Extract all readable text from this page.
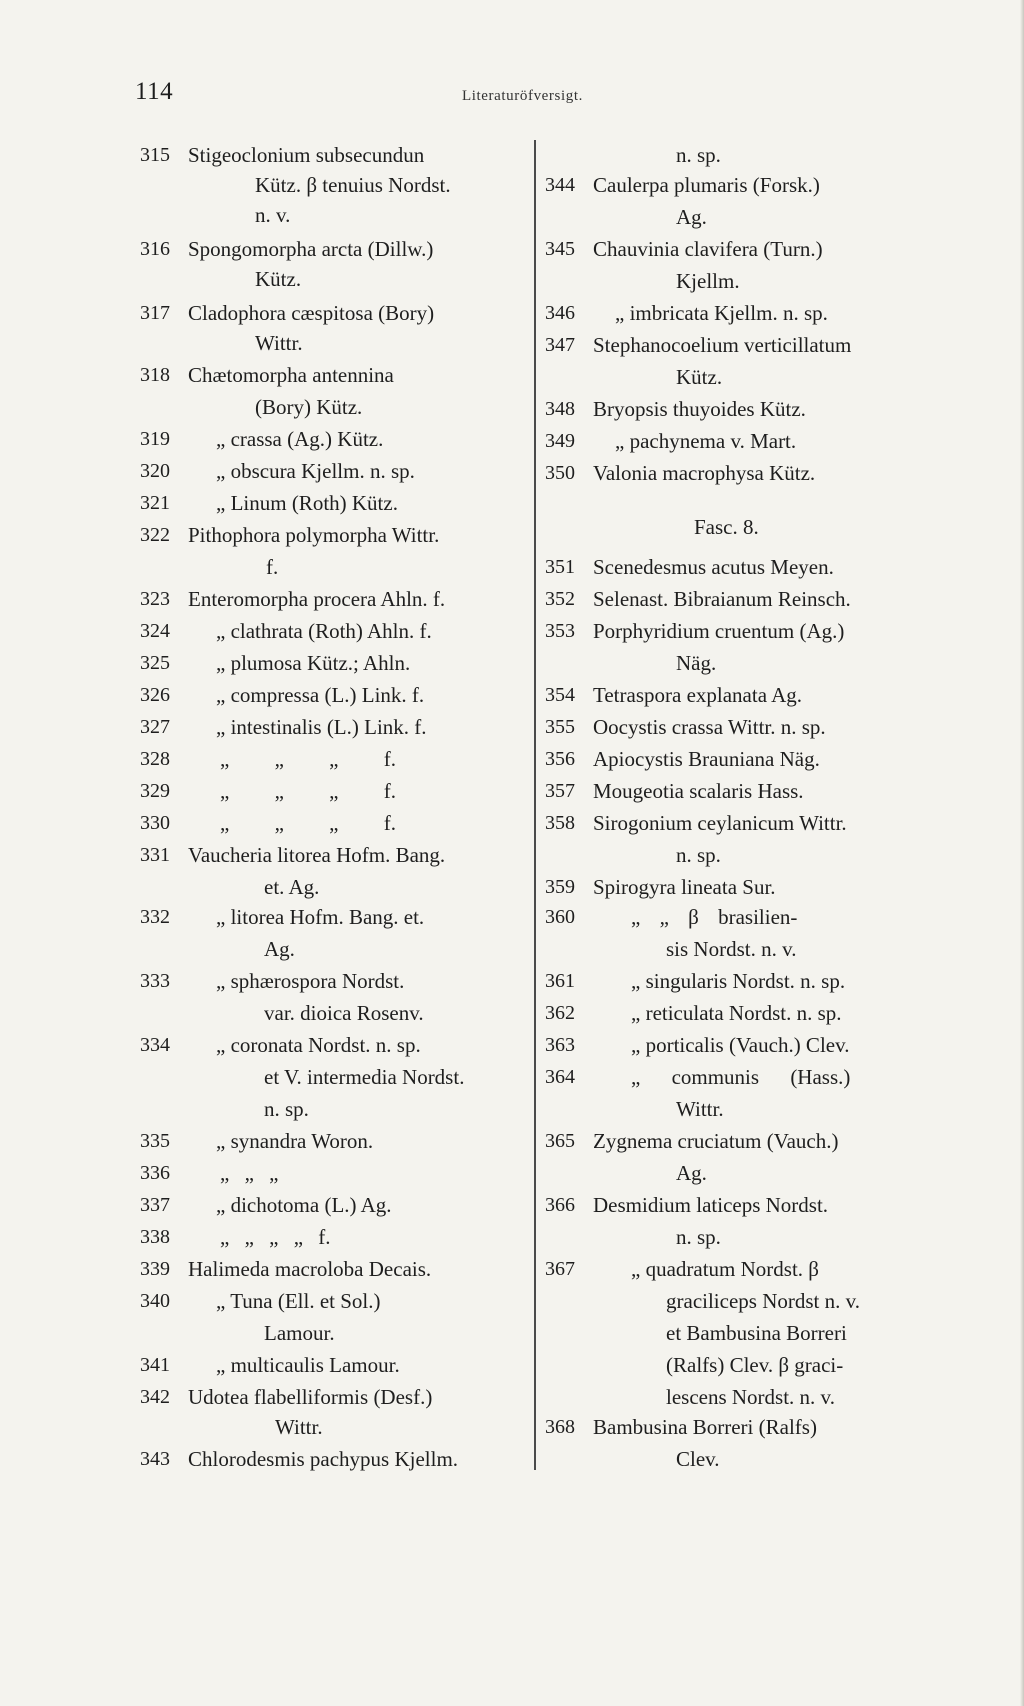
114	Literaturöfversigt.
315 Stigeoclonium subsecundun
Kütz. β tenuius Nordst.
n. v.
316 Spongomorpha arcta (Dillw.)
Kütz.
317 Cladophora cæspitosa (Bory)
Wittr.
318 Chætomorpha antennina
(Bory) Kütz.
319 „ crassa (Ag.) Kütz.
320 „ obscura Kjellm. n. sp.
321 „ Linum (Roth) Kütz.
322 Pithophora polymorpha Wittr.
f.
323 Enteromorpha procera Ahln. f.
324 „ clathrata (Roth) Ahln. f.
325 „ plumosa Kütz.; Ahln.
326 „ compressa (L.) Link. f.
327 „ intestinalis (L.) Link. f.
328 „ „ „ f.
329 „ „ „ f.
330 „ „ „ f.
331 Vaucheria litorea Hofm. Bang.
et. Ag.
332 „ litorea Hofm. Bang. et.
Ag.
333 „ sphærospora Nordst.
var. dioica Rosenv.
334 „ coronata Nordst. n. sp.
et V. intermedia Nordst.
n. sp.
335 „ synandra Woron.
336 „ „ „
337 „ dichotoma (L.) Ag.
338 „ „ „ „ f.
339 Halimeda macroloba Decais.
340 „ Tuna (Ell. et Sol.)
Lamour.
341 „ multicaulis Lamour.
342 Udotea flabelliformis (Desf.)
Wittr.
343 Chlorodesmis pachypus Kjellm.
n. sp.
344 Caulerpa plumaris (Forsk.)
Ag.
345 Chauvinia clavifera (Turn.)
Kjellm.
346 „ imbricata Kjellm. n. sp.
347 Stephanocoelium verticillatum
Kütz.
348 Bryopsis thuyoides Kütz.
349 „ pachynema v. Mart.
350 Valonia macrophysa Kütz.
Fasc. 8.
351 Scenedesmus acutus Meyen.
352 Selenast. Bibraianum Reinsch.
353 Porphyridium cruentum (Ag.)
Näg.
354 Tetraspora explanata Ag.
355 Oocystis crassa Wittr. n. sp.
356 Apiocystis Brauniana Näg.
357 Mougeotia scalaris Hass.
358 Sirogonium ceylanicum Wittr.
n. sp.
359 Spirogyra lineata Sur.
360	„ „ β brasilien-
sis Nordst. n. v.
361	„ singularis Nordst. n. sp.
362	„ reticulata Nordst. n. sp.
363	„ porticalis (Vauch.) Clev.
364	„ communis (Hass.)
Wittr.
365 Zygnema cruciatum (Vauch.)
Ag.
366 Desmidium laticeps Nordst.
n. sp.
367	„ quadratum Nordst. β
graciliceps Nordst n. v.
et Bambusina Borreri
(Ralfs) Clev. β graci-
lescens Nordst. n. v.
368 Bambusina Borreri (Ralfs)
Clev.
